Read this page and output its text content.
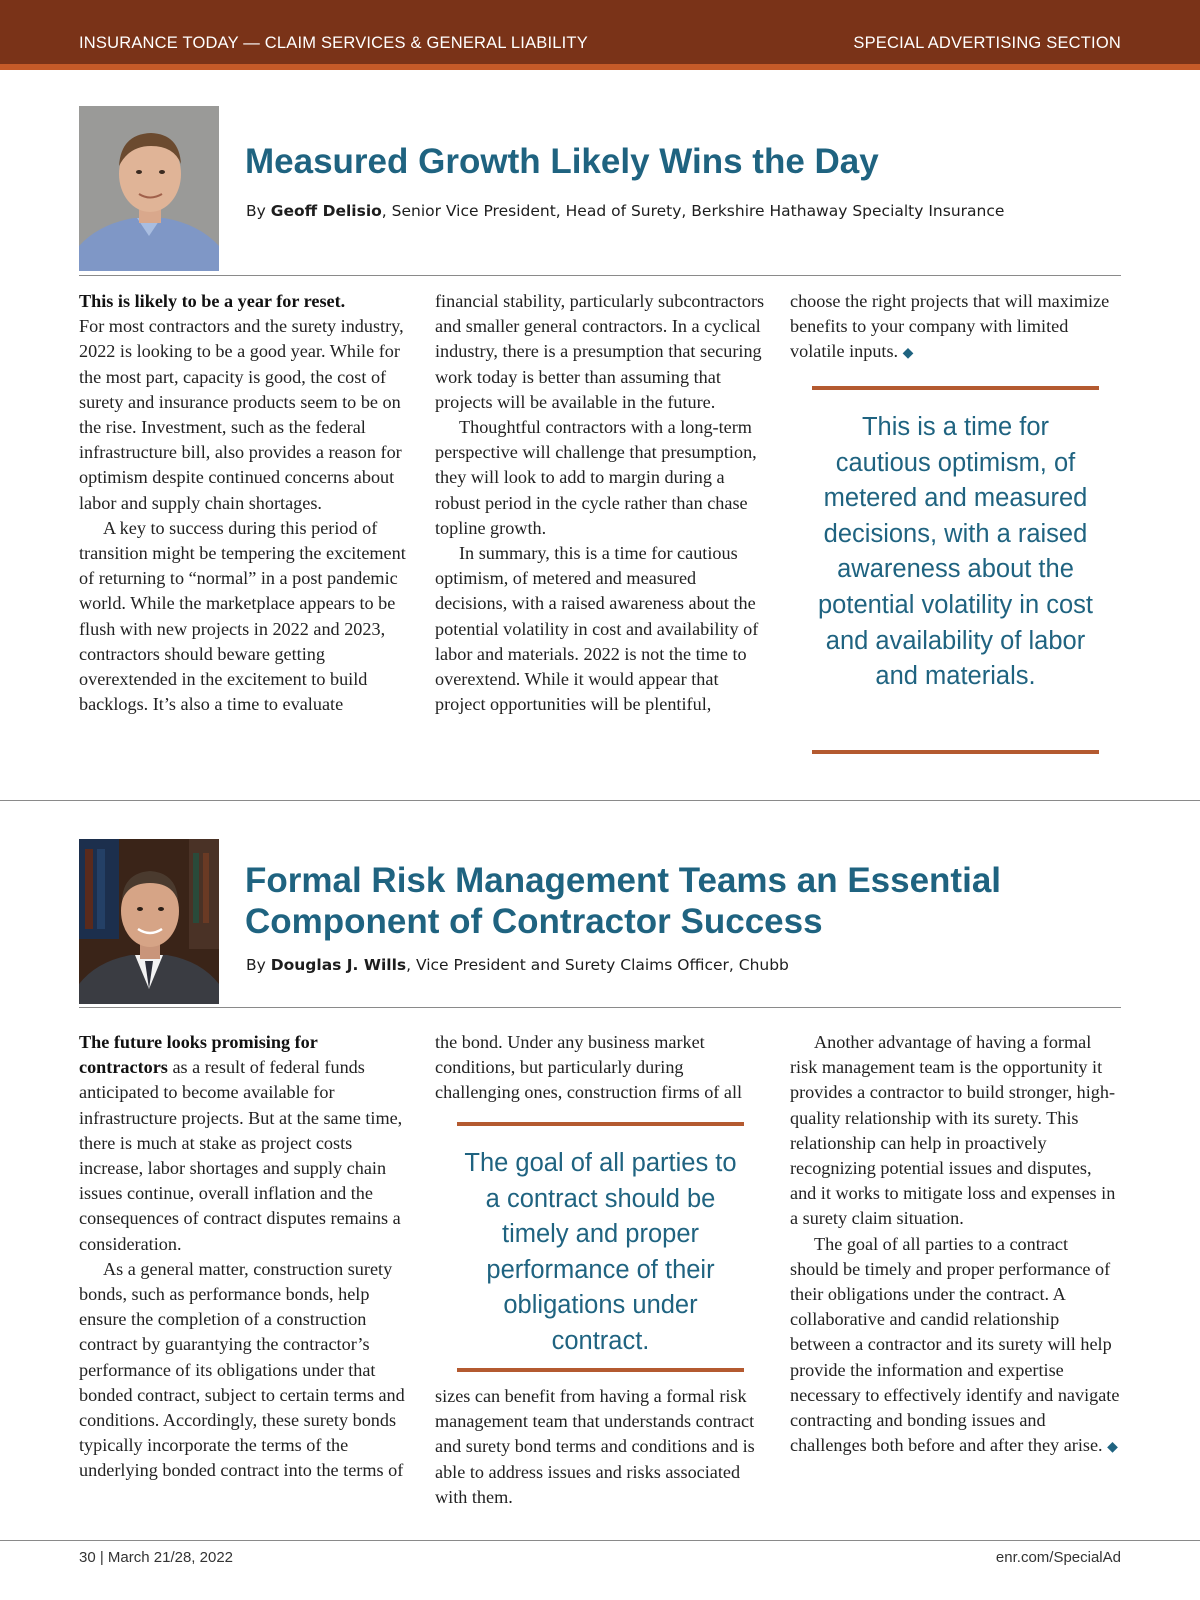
INSURANCE TODAY — CLAIM SERVICES & GENERAL LIABILITY	SPECIAL ADVERTISING SECTION
Measured Growth Likely Wins the Day
By Geoff Delisio, Senior Vice President, Head of Surety, Berkshire Hathaway Specialty Insurance

This is likely to be a year for reset.

For most contractors and the surety industry, 2022 is looking to be a good year. While for the most part, capacity is good, the cost of surety and insurance products seem to be on the rise. Investment, such as the federal infrastructure bill, also provides a reason for optimism despite continued concerns about labor and supply chain shortages.

A key to success during this period of transition might be tempering the excitement of returning to “normal” in a post pandemic world. While the marketplace appears to be flush with new projects in 2022 and 2023, contractors should beware getting overextended in the excitement to build backlogs. It’s also a time to evaluate

financial stability, particularly subcontractors and smaller general contractors. In a cyclical industry, there is a presumption that securing work today is better than assuming that projects will be available in the future.

Thoughtful contractors with a long-term perspective will challenge that presumption, they will look to add to margin during a robust period in the cycle rather than chase topline growth.

In summary, this is a time for cautious optimism, of metered and measured decisions, with a raised awareness about the potential volatility in cost and availability of labor and materials. 2022 is not the time to overextend. While it would appear that project opportunities will be plentiful,

choose the right projects that will maximize benefits to your company with limited volatile inputs. ◆

This is a time for cautious optimism, of metered and measured decisions, with a raised awareness about the potential volatility in cost and availability of labor and materials.
Formal Risk Management Teams an Essential
Component of Contractor Success
By Douglas J. Wills, Vice President and Surety Claims Officer, Chubb

The future looks promising for contractors as a result of federal funds anticipated to become available for infrastructure projects. But at the same time, there is much at stake as project costs increase, labor shortages and supply chain issues continue, overall inflation and the consequences of contract disputes remains a consideration.

As a general matter, construction surety bonds, such as performance bonds, help ensure the completion of a construction contract by guarantying the contractor’s performance of its obligations under that bonded contract, subject to certain terms and conditions. Accordingly, these surety bonds typically incorporate the terms of the underlying bonded contract into the terms of

the bond. Under any business market conditions, but particularly during challenging ones, construction firms of all

The goal of all parties to a contract should be timely and proper performance of their obligations under contract.

sizes can benefit from having a formal risk management team that understands contract and surety bond terms and conditions and is able to address issues and risks associated with them.

Another advantage of having a formal risk management team is the opportunity it provides a contractor to build stronger, high-quality relationship with its surety. This relationship can help in proactively recognizing potential issues and disputes, and it works to mitigate loss and expenses in a surety claim situation.

The goal of all parties to a contract should be timely and proper performance of their obligations under the contract. A collaborative and candid relationship between a contractor and its surety will help provide the information and expertise necessary to effectively identify and navigate contracting and bonding issues and challenges both before and after they arise. ◆

30 | March 21/28, 2022	enr.com/SpecialAd
